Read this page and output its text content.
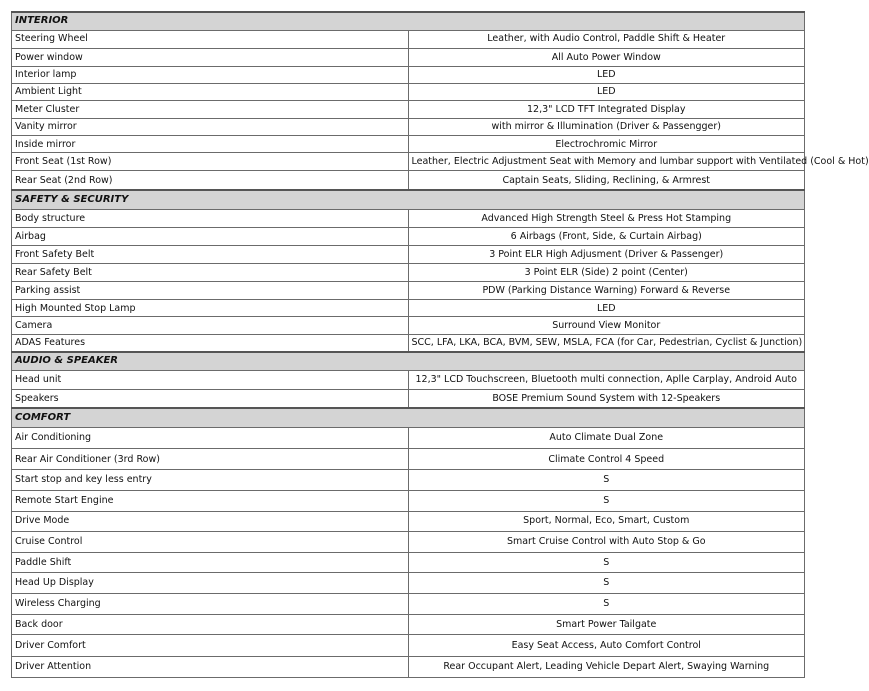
INTERIOR	
Steering Wheel	Leather, with Audio Control, Paddle Shift & Heater
Power window	All Auto Power Window
Interior lamp	LED
Ambient Light	LED
Meter Cluster	12,3" LCD TFT Integrated Display
Vanity mirror	with mirror & Illumination (Driver & Passengger)
Inside mirror	Electrochromic Mirror
Front Seat (1st Row)	Leather, Electric Adjustment Seat with Memory and lumbar support with Ventilated (Cool & Hot)
Rear Seat (2nd Row)	Captain Seats, Sliding, Reclining, & Armrest
SAFETY & SECURITY	
Body structure	Advanced High Strength Steel & Press Hot Stamping
Airbag	6 Airbags (Front, Side, & Curtain Airbag)
Front Safety Belt	3 Point ELR High Adjusment (Driver & Passenger)
Rear Safety Belt	3 Point ELR (Side) 2 point (Center)
Parking assist	PDW (Parking Distance Warning) Forward & Reverse
High Mounted Stop Lamp	LED
Camera	Surround View Monitor
ADAS Features	SCC, LFA, LKA, BCA, BVM, SEW, MSLA, FCA (for Car, Pedestrian, Cyclist & Junction)
AUDIO & SPEAKER	
Head unit	12,3" LCD Touchscreen, Bluetooth multi connection, Aplle Carplay, Android Auto
Speakers	BOSE Premium Sound System with 12-Speakers
COMFORT	
Air Conditioning	Auto Climate Dual Zone
Rear Air Conditioner (3rd Row)	Climate Control 4 Speed
Start stop and key less entry	S
Remote Start Engine	S
Drive Mode	Sport, Normal, Eco, Smart, Custom
Cruise Control	Smart Cruise Control with Auto Stop & Go
Paddle Shift	S
Head Up Display	S
Wireless Charging	S
Back door	Smart Power Tailgate
Driver Comfort	Easy Seat Access, Auto Comfort Control
Driver Attention	Rear Occupant Alert, Leading Vehicle Depart Alert, Swaying Warning
